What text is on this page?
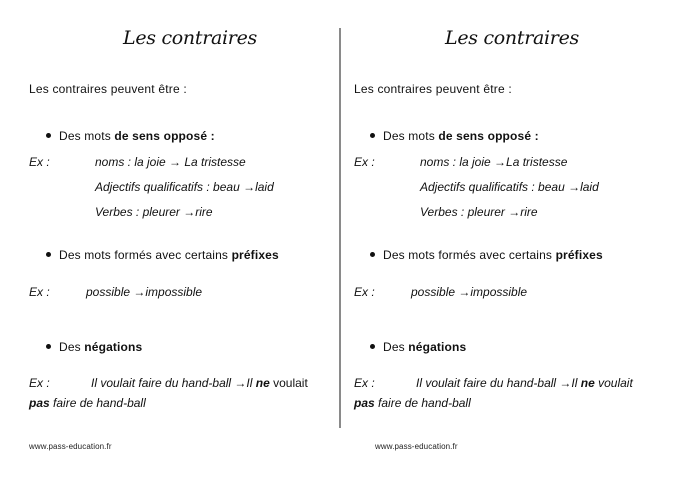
Les contraires
Les contraires peuvent être :
Des mots de sens opposé :
Ex :	noms : la joie → La tristesse
Adjectifs qualificatifs : beau →laid
Verbes : pleurer →rire
Des mots formés avec certains préfixes
Ex :	possible →impossible
Des négations
Ex :	Il voulait faire du hand-ball →Il ne voulait
pas faire de hand-ball
www.pass-education.fr
Les contraires
Les contraires peuvent être :
Des mots de sens opposé :
Ex :	noms : la joie →La tristesse
Adjectifs qualificatifs : beau →laid
Verbes : pleurer →rire
Des mots formés avec certains préfixes
Ex :	possible →impossible
Des négations
Ex :	Il voulait faire du hand-ball →Il ne voulait
pas faire de hand-ball
www.pass-education.fr
